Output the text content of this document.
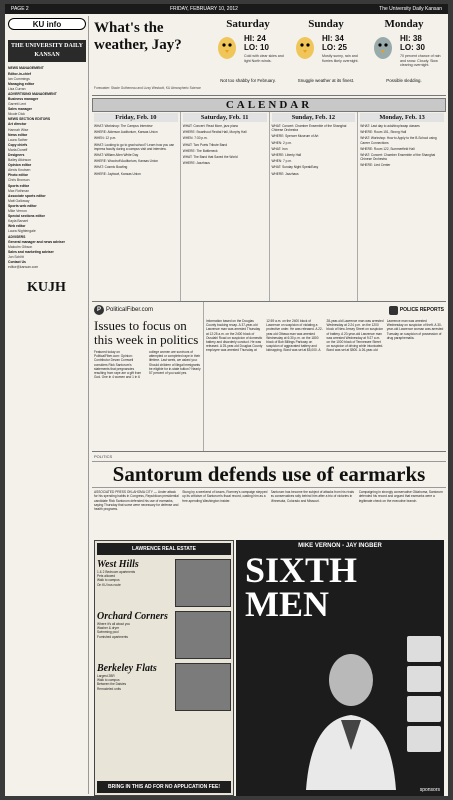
PAGE 2	FRIDAY, FEBRUARY 10, 2012	The University Daily Kansan
KU info

THE UNIVERSITY DAILY KANSAN
NEWS MANAGEMENT
Editor-in-chief
Ian Cummings
Managing editor
Lisa Curran
ADVERTISING MANAGEMENT
Business manager
Garrett Lent
Sales manager
Nicole Dick
NEWS SECTION EDITORS
Art director
Hannah Wise
News editor
Laura Sather
Copy chiefs
Marla Doneff
Designers
Bailey Atkinson
Opinion editor
Alexis Knutsen
Photo editor
Chris Bronson
Sports editor
Max Rothman
Associate sports editor
Matt Galloway
Sports web editor
Mike Vernon
Special sections editor
Kayla Banzet
Web editor
Laura Nightengale
ADVISERS
General manager and news adviser
Malcolm Gibson
Sales and marketing adviser
Jon Schlitt
Contact Us
editor@kansan.com
KUJH
What's the weather, Jay?
Forecaster: Stacie Gutheneau and Lizzy Westcott, KU Atmospheric Science
Saturday
HI: 24
LO: 10
Cold with clear skies and light North winds.
Not too shabby for February.
Sunday
HI: 34
LO: 25
Mostly sunny, rain and flurries likely overnight.
Snuggle weather at its finest.
Monday
HI: 38
LO: 30
70 percent chance of rain and snow. Cloudy. Slow clearing overnight.
Possible sledding.
CALENDAR
Friday, Feb. 10
WHAT: Workshop: The Campus Interview
WHERE: Alderson Auditorium, Kansas Union
WHEN: 12 p.m.
WHAT: Looking to go to grad school? Learn how you can impress faculty during a campus visit and interview.
WHAT: William Allen White Day
WHERE: Woodruff Auditorium, Kansas Union
WHAT: Cosmic Bowling
WHERE: Jaybowl, Kansas Union
Saturday, Feb. 11
WHAT: Concert: Read More, jazz piano
WHERE: Swarthout Recital Hall, Murphy Hall
WHEN: 7:30 p.m.
WHAT: Two Poets Tribute Band
WHERE: The Bottleneck
WHAT: The Band that Saved the World
WHERE: Jazzhaus
Sunday, Feb. 12
WHAT: Concert: Chamber Ensemble of the Shanghai Chinese Orchestra
WHERE: Spencer Museum of Art
WHEN: 2 p.m.
WHAT: Iron
WHERE: Liberty Hall
WHEN: 7 p.m.
WHAT: Sunday Night SpeakEasy
WHERE: Jazzhaus
Monday, Feb. 13
WHAT: Last day to add/drop/swap classes
WHERE: Room 151, Strong Hall
WHAT: Workshop: How to Apply to the B-School using Career Connections
WHERE: Room 122, Summerfield Hall
WHAT: Concert: Chamber Ensemble of the Shanghai Chinese Orchestra
WHERE: Lied Center
P PoliticalFiber.com
Issues to focus on this week in politics
Featured today on PoliticalFiber.com: Opinion: Contributor Devan Cornwell considers Rick Santorum's statements that pregnancies resulting from rape are a gift from God. One in 4 women and 1 in 6 college women are survivors of attempted or completed rape in their lifetime. Last week, we asked you: Should children of illegal immigrants be eligible for in-state tuition? Nearly 57 percent of you said yes.
POLICE REPORTS
Information based on the Douglas County booking recap. A 37-year-old Lawrence man was arrested Thursday at 12:25 a.m. on the 2400 block of Ousdahl Road on suspicion of domestic battery and disorderly conduct. He was released. A 25-year-old Douglas County employee was arrested Thursday at 12:59 a.m. on the 2400 block of Lawrence on suspicion of violating a protective order. He was released. A 22-year-old Ottawa man was arrested Wednesday at 6:30 p.m. on the 1800 block of Bob Billings Parkway on suspicion of aggravated battery and kidnapping. Bond was set at $5,000. A 28-year-old Lawrence man was arrested Wednesday at 2:24 p.m. on the 1200 block of New Jersey Street on suspicion of battery. A 20-year-old Lawrence man was arrested Wednesday at 9:27 a.m. on the 1000 block of Tennessee Street on suspicion of driving while intoxicated. Bond was set at $500. A 26-year-old Lawrence man was arrested Wednesday on suspicion of theft. A 30-year-old Lawrence woman was arrested Tuesday on suspicion of possession of drug paraphernalia.
POLITICS
Santorum defends use of earmarks
ASSOCIATED PRESS OKLAHOMA CITY — Under attack for his spending habits in Congress, Republican presidential candidate Rick Santorum defended his use of earmarks, saying Thursday that some were necessary for defense and health programs.
Stung by a weekend of losses, Romney's campaign stepped up its criticism of Santorum's fiscal record, casting him as a free-spending Washington insider.
Santorum has become the subject of attacks from his rivals as conservatives rally behind him after a trio of victories in Minnesota, Colorado and Missouri.
Campaigning in strongly conservative Oklahoma, Santorum defended his record and argued that earmarks were a legitimate check on the executive branch.
LAWRENCE REAL ESTATE
West Hills
1 & 2 Bedroom apartments
Pets allowed
Walk to campus
On KU bus route
Orchard Corners
Where it's all about you
Washer & dryer
Swimming pool
Furnished apartments
Berkeley Flats
Largest 2BR
Walk to campus
Between the Daisies
Remodeled units
BRING IN THIS AD FOR NO APPLICATION FEE!
MIKE VERNON - JAY INGBER
SIXTH MEN
sponsors
